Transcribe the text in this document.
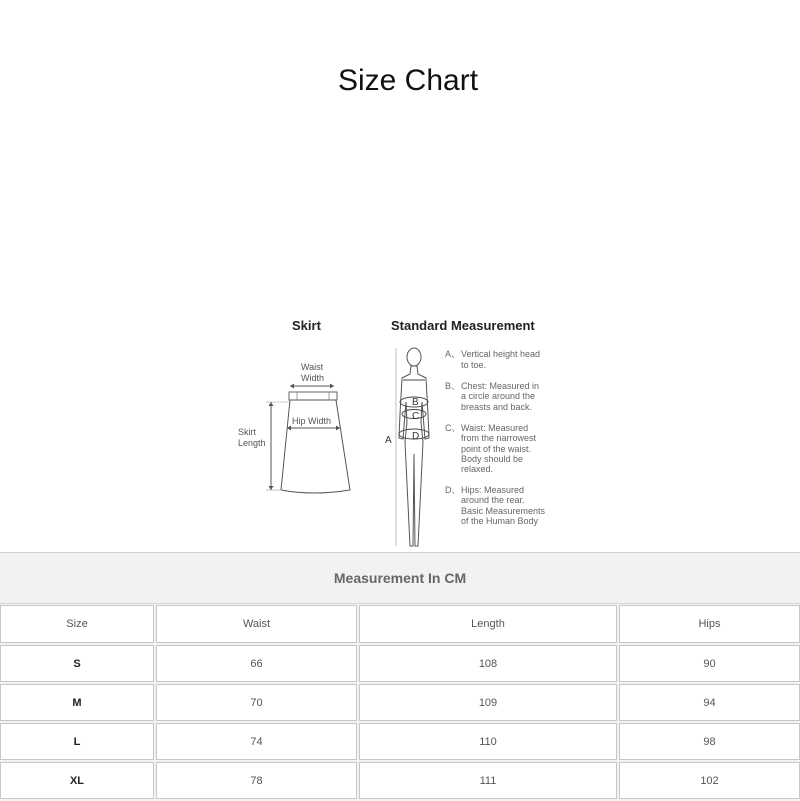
Size Chart
Skirt
Waist
Width
Hip Width
Skirt
Length
Standard Measurement
A
B
C
D
A、 Vertical height head
to toe.
B、 Chest: Measured in
a circle around the
breasts and back.
C、 Waist: Measured
from the narrowest
point of the waist.
Body should be
relaxed.
D、 Hips: Measured
around the rear.
Basic Measurements
of the Human Body
Measurement In CM
Size	Waist	Length	Hips
S	66	108	90
M	70	109	94
L	74	110	98
XL	78	111	102
